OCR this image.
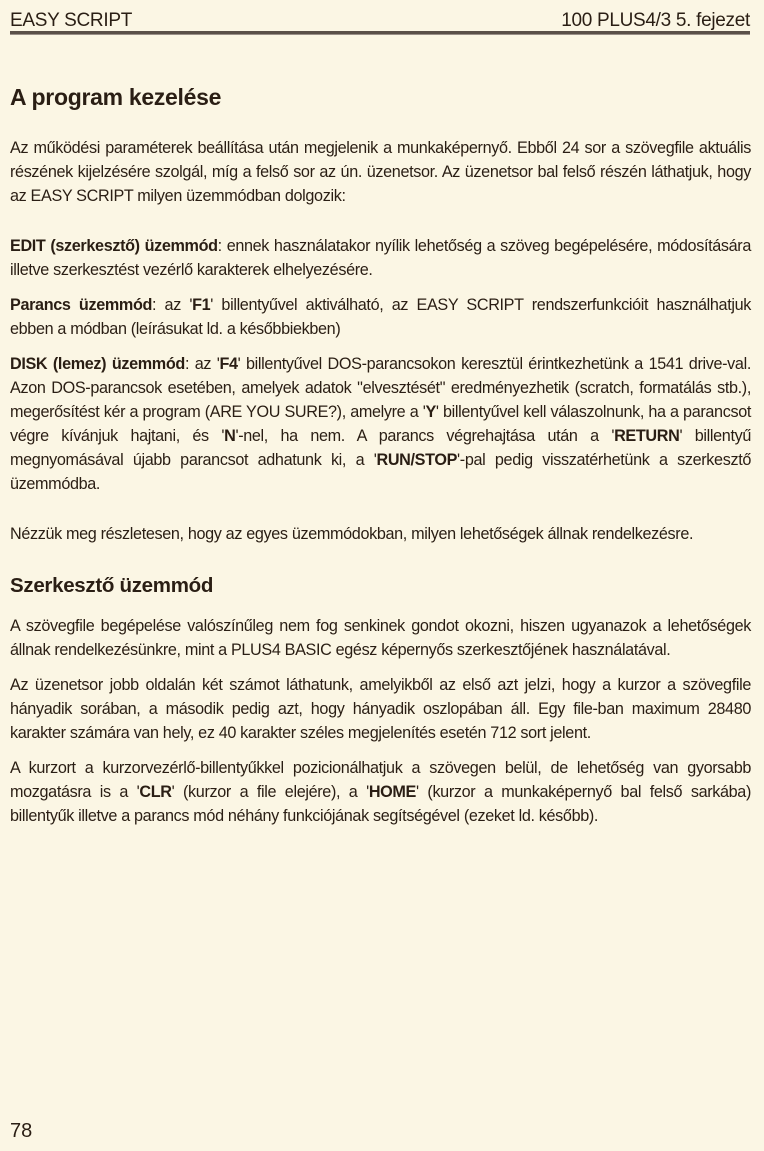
EASY SCRIPT	100 PLUS4/3 5. fejezet
A program kezelése

Az működési paraméterek beállítása után megjelenik a munkaképernyő. Ebből 24 sor a szövegfile aktuális részének kijelzésére szolgál, míg a felső sor az ún. üzenetsor. Az üzenetsor bal felső részén láthatjuk, hogy az EASY SCRIPT milyen üzemmódban dolgozik:

EDIT (szerkesztő) üzemmód: ennek használatakor nyílik lehetőség a szöveg begépelésére, módosítására illetve szerkesztést vezérlő karakterek elhelyezésére.

Parancs üzemmód: az 'F1' billentyűvel aktiválható, az EASY SCRIPT rendszerfunkcióit használhatjuk ebben a módban (leírásukat ld. a későbbiekben)

DISK (lemez) üzemmód: az 'F4' billentyűvel DOS-parancsokon keresztül érintkezhetünk a 1541 drive-val. Azon DOS-parancsok esetében, amelyek adatok "elvesztését" eredményezhetik (scratch, formatálás stb.), megerősítést kér a program (ARE YOU SURE?), amelyre a 'Y' billentyűvel kell válaszolnunk, ha a parancsot végre kívánjuk hajtani, és 'N'-nel, ha nem. A parancs végrehajtása után a 'RETURN' billentyű megnyomásával újabb parancsot adhatunk ki, a 'RUN/STOP'-pal pedig visszatérhetünk a szerkesztő üzemmódba.

Nézzük meg részletesen, hogy az egyes üzemmódokban, milyen lehetőségek állnak rendelkezésre.

Szerkesztő üzemmód

A szövegfile begépelése valószínűleg nem fog senkinek gondot okozni, hiszen ugyanazok a lehetőségek állnak rendelkezésünkre, mint a PLUS4 BASIC egész képernyős szerkesztőjének használatával.

Az üzenetsor jobb oldalán két számot láthatunk, amelyikből az első azt jelzi, hogy a kurzor a szövegfile hányadik sorában, a második pedig azt, hogy hányadik oszlopában áll. Egy file-ban maximum 28480 karakter számára van hely, ez 40 karakter széles megjelenítés esetén 712 sort jelent.

A kurzort a kurzorvezérlő-billentyűkkel pozicionálhatjuk a szövegen belül, de lehetőség van gyorsabb mozgatásra is a 'CLR' (kurzor a file elejére), a 'HOME' (kurzor a munkaképernyő bal felső sarkába) billentyűk illetve a parancs mód néhány funkciójának segítségével (ezeket ld. később).

78
